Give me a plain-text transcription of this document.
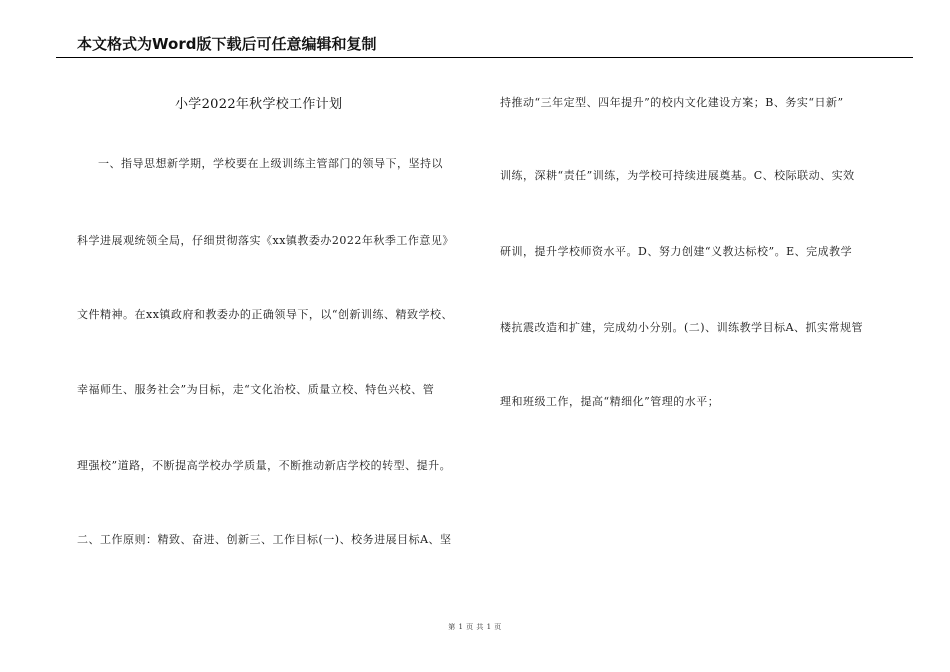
本文格式为Word版下载后可任意编辑和复制
小学2022年秋学校工作计划
一、指导思想新学期，学校要在上级训练主管部门的领导下，坚持以
科学进展观统领全局，仔细贯彻落实《xx镇教委办2022年秋季工作意见》
文件精神。在xx镇政府和教委办的正确领导下，以“创新训练、精致学校、
幸福师生、服务社会”为目标，走“文化治校、质量立校、特色兴校、管
理强校”道路，不断提高学校办学质量，不断推动新店学校的转型、提升。
二、工作原则：精致、奋进、创新三、工作目标(一)、校务进展目标A、坚
持推动“三年定型、四年提升”的校内文化建设方案；B、务实“日新”
训练，深耕“责任”训练，为学校可持续进展奠基。C、校际联动、实效
研训，提升学校师资水平。D、努力创建“义教达标校”。E、完成教学
楼抗震改造和扩建，完成幼小分别。(二)、训练教学目标A、抓实常规管
理和班级工作，提高“精细化”管理的水平；
第 1 页 共 1 页
